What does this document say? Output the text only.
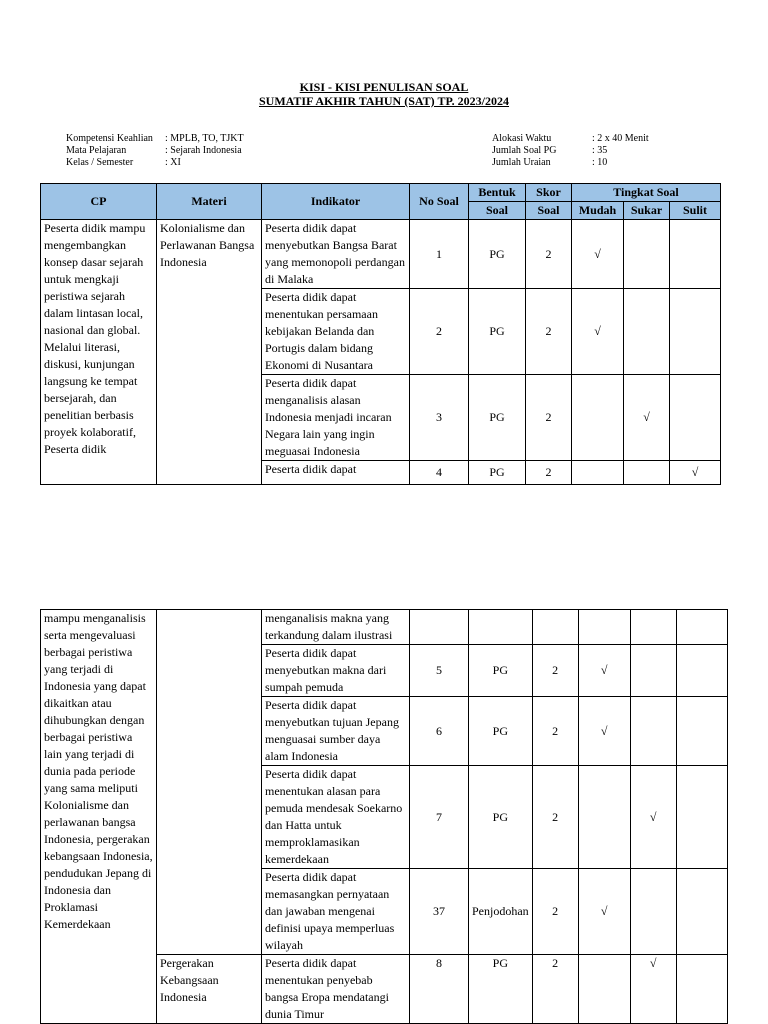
KISI - KISI PENULISAN SOAL
SUMATIF AKHIR TAHUN (SAT) TP. 2023/2024
Kompetensi Keahlian : MPLB, TO, TJKT
Mata Pelajaran	: Sejarah Indonesia
Kelas / Semester	: XI
Alokasi Waktu	: 2 x 40 Menit
Jumlah Soal PG	: 35
Jumlah Uraian	: 10
CP	Materi	Indikator	No Soal	Bentuk	Skor	Tingkat Soal		
				Soal	Soal	Mudah	Sukar	Sulit
Peserta didik mampu mengembangkan konsep dasar sejarah untuk mengkaji peristiwa sejarah dalam lintasan local, nasional dan global. Melalui literasi, diskusi, kunjungan langsung ke tempat bersejarah, dan penelitian berbasis proyek kolaboratif, Peserta didik	Kolonialisme dan Perlawanan Bangsa Indonesia	Peserta didik dapat menyebutkan Bangsa Barat yang memonopoli perdangan di Malaka	1	PG	2	√		
		Peserta didik dapat menentukan persamaan kebijakan Belanda dan Portugis dalam bidang Ekonomi di Nusantara	2	PG	2	√		
		Peserta didik dapat menganalisis alasan Indonesia menjadi incaran Negara lain yang ingin meguasai Indonesia	3	PG	2		√	
		Peserta didik dapat	4	PG	2			√
mampu menganalisis serta mengevaluasi berbagai peristiwa yang terjadi di Indonesia yang dapat dikaitkan atau dihubungkan dengan berbagai peristiwa lain yang terjadi di dunia pada periode yang sama meliputi Kolonialisme dan perlawanan bangsa Indonesia, pergerakan kebangsaan Indonesia, pendudukan Jepang di Indonesia dan Proklamasi Kemerdekaan		menganalisis makna yang terkandung dalam ilustrasi						
		Peserta didik dapat menyebutkan makna dari sumpah pemuda	5	PG	2	√		
		Peserta didik dapat menyebutkan tujuan Jepang menguasai sumber daya alam Indonesia	6	PG	2	√		
		Peserta didik dapat menentukan alasan para pemuda mendesak Soekarno dan Hatta untuk memproklamasikan kemerdekaan	7	PG	2		√	
		Peserta didik dapat memasangkan pernyataan dan jawaban mengenai definisi upaya memperluas wilayah	37	Penjodohan	2	√		
	Pergerakan Kebangsaan Indonesia	Peserta didik dapat menentukan penyebab bangsa Eropa mendatangi dunia Timur	8	PG	2		√	
